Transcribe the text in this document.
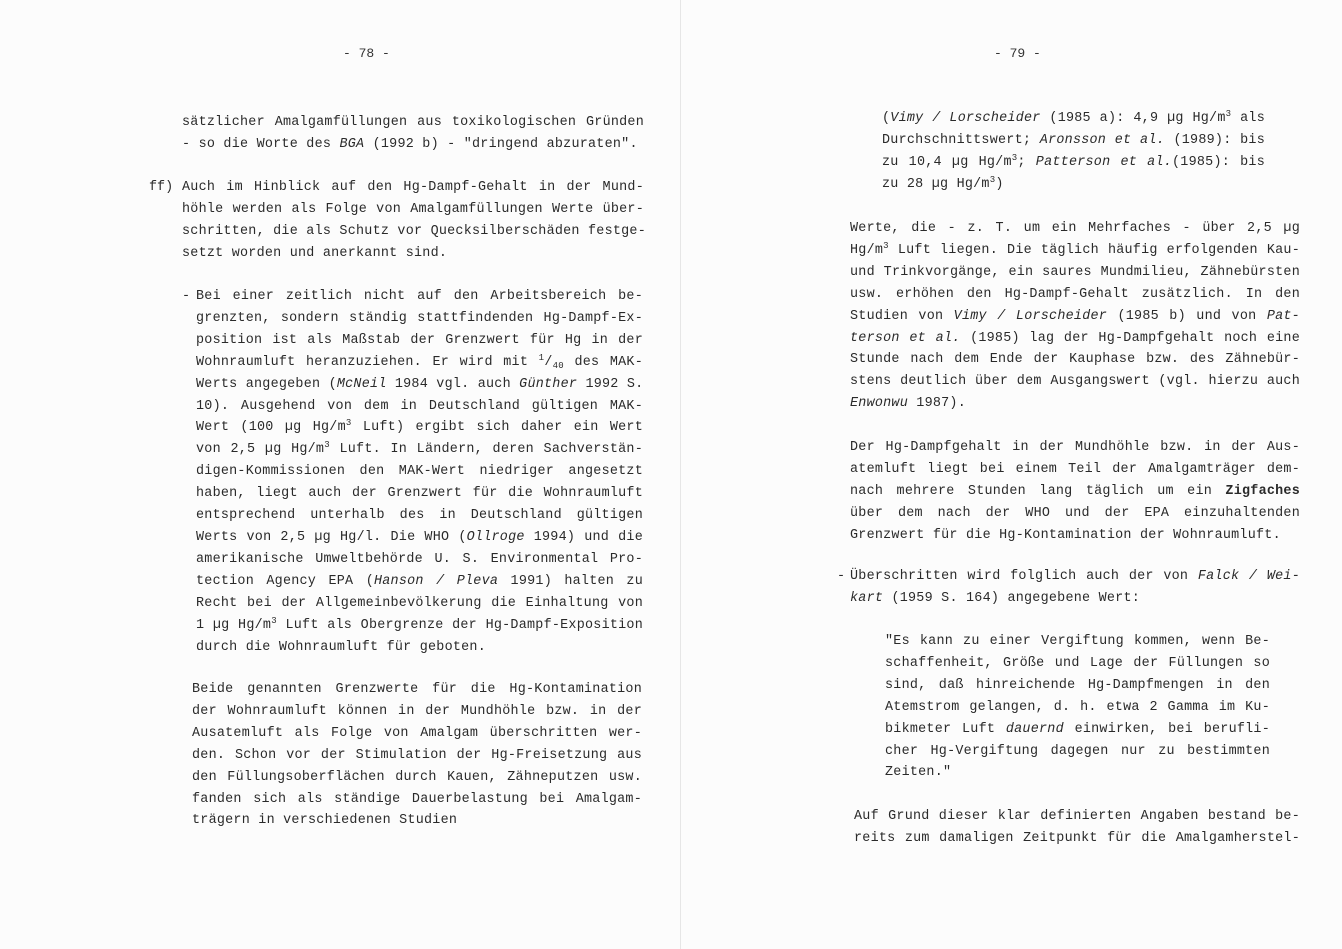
- 78 -
sätzlicher Amalgamfüllungen aus toxikologischen Gründen
- so die Worte des BGA (1992 b) - "dringend abzuraten".
ff) Auch im Hinblick auf den Hg-Dampf-Gehalt in der Mund-
höhle werden als Folge von Amalgamfüllungen Werte über-
schritten, die als Schutz vor Quecksilberschäden festge-
setzt worden und anerkannt sind.
- Bei einer zeitlich nicht auf den Arbeitsbereich be-
grenzten, sondern ständig stattfindenden Hg-Dampf-Ex-
position ist als Maßstab der Grenzwert für Hg in der
Wohnraumluft heranzuziehen. Er wird mit $^1/_{40}$ des MAK-
Werts angegeben (McNeil 1984 vgl. auch Günther 1992 S.
10). Ausgehend von dem in Deutschland gültigen MAK-
Wert (100 µg $Hg/m^3$ Luft) ergibt sich daher ein Wert
von 2,5 µg $Hg/m^3$ Luft. In Ländern, deren Sachverstän-
digen-Kommissionen den MAK-Wert niedriger angesetzt
haben, liegt auch der Grenzwert für die Wohnraumluft
entsprechend unterhalb des in Deutschland gültigen
Werts von 2,5 µg Hg/l. Die WHO (Ollroge 1994) und die
amerikanische Umweltbehörde U. S. Environmental Pro-
tection Agency EPA (Hanson / Pleva 1991) halten zu
Recht bei der Allgemeinbevölkerung die Einhaltung von
1 µg $Hg/m^3$ Luft als Obergrenze der Hg-Dampf-Exposition
durch die Wohnraumluft für geboten.
Beide genannten Grenzwerte für die Hg-Kontamination
der Wohnraumluft können in der Mundhöhle bzw. in der
Ausatemluft als Folge von Amalgam überschritten wer-
den. Schon vor der Stimulation der Hg-Freisetzung aus
den Füllungsoberflächen durch Kauen, Zähneputzen usw.
fanden sich als ständige Dauerbelastung bei Amalgam-
trägern in verschiedenen Studien
- 79 -
(Vimy / Lorscheider (1985 a): 4,9 µg $Hg/m^3$ als
Durchschnittswert; Aronsson et al. (1989): bis
zu 10,4 µg $Hg/m^3$; Patterson et al.(1985): bis
zu 28 µg $Hg/m^3$)
Werte, die - z. T. um ein Mehrfaches - über 2,5 µg
$Hg/m^3$ Luft liegen. Die täglich häufig erfolgenden Kau-
und Trinkvorgänge, ein saures Mundmilieu, Zähnebürsten
usw. erhöhen den Hg-Dampf-Gehalt zusätzlich. In den
Studien von Vimy / Lorscheider (1985 b) und von Pat-
terson et al. (1985) lag der Hg-Dampfgehalt noch eine
Stunde nach dem Ende der Kauphase bzw. des Zähnebür-
stens deutlich über dem Ausgangswert (vgl. hierzu auch
Enwonwu 1987).
Der Hg-Dampfgehalt in der Mundhöhle bzw. in der Aus-
atemluft liegt bei einem Teil der Amalgamträger dem-
nach mehrere Stunden lang täglich um ein Zigfaches
über dem nach der WHO und der EPA einzuhaltenden
Grenzwert für die Hg-Kontamination der Wohnraumluft.
- Überschritten wird folglich auch der von Falck / Wei-
kart (1959 S. 164) angegebene Wert:
"Es kann zu einer Vergiftung kommen, wenn Be-
schaffenheit, Größe und Lage der Füllungen so
sind, daß hinreichende Hg-Dampfmengen in den
Atemstrom gelangen, d. h. etwa 2 Gamma im Ku-
bikmeter Luft dauernd einwirken, bei berufli-
cher Hg-Vergiftung dagegen nur zu bestimmten
Zeiten."
Auf Grund dieser klar definierten Angaben bestand be-
reits zum damaligen Zeitpunkt für die Amalgamherstel-
